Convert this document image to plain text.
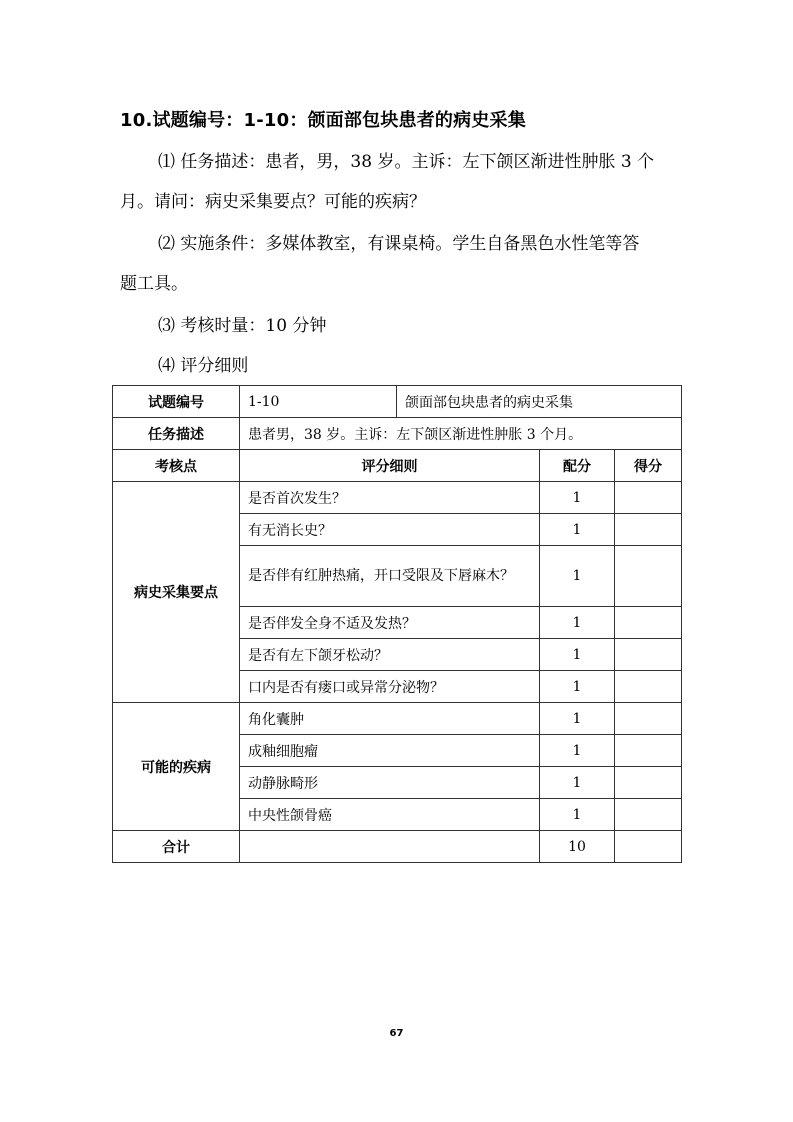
10.试题编号：1-10：颌面部包块患者的病史采集
⑴ 任务描述：患者，男，38 岁。主诉：左下颌区渐进性肿胀 3 个
月。请问：病史采集要点？可能的疾病？
⑵ 实施条件：多媒体教室，有课桌椅。学生自备黑色水性笔等答
题工具。
⑶ 考核时量：10 分钟
⑷ 评分细则
试题编号	1-10	颌面部包块患者的病史采集		
任务描述	患者男，38 岁。主诉：左下颌区渐进性肿胀 3 个月。			
考核点	评分细则		配分	得分
病史采集要点	是否首次发生？		1	
	有无消长史？		1	
	是否伴有红肿热痛，开口受限及下唇麻木？		1	
	是否伴发全身不适及发热？		1	
	是否有左下颌牙松动？		1	
	口内是否有瘘口或异常分泌物？		1	
可能的疾病	角化囊肿		1	
	成釉细胞瘤		1	
	动静脉畸形		1	
	中央性颌骨癌		1	
合计			10	
67
